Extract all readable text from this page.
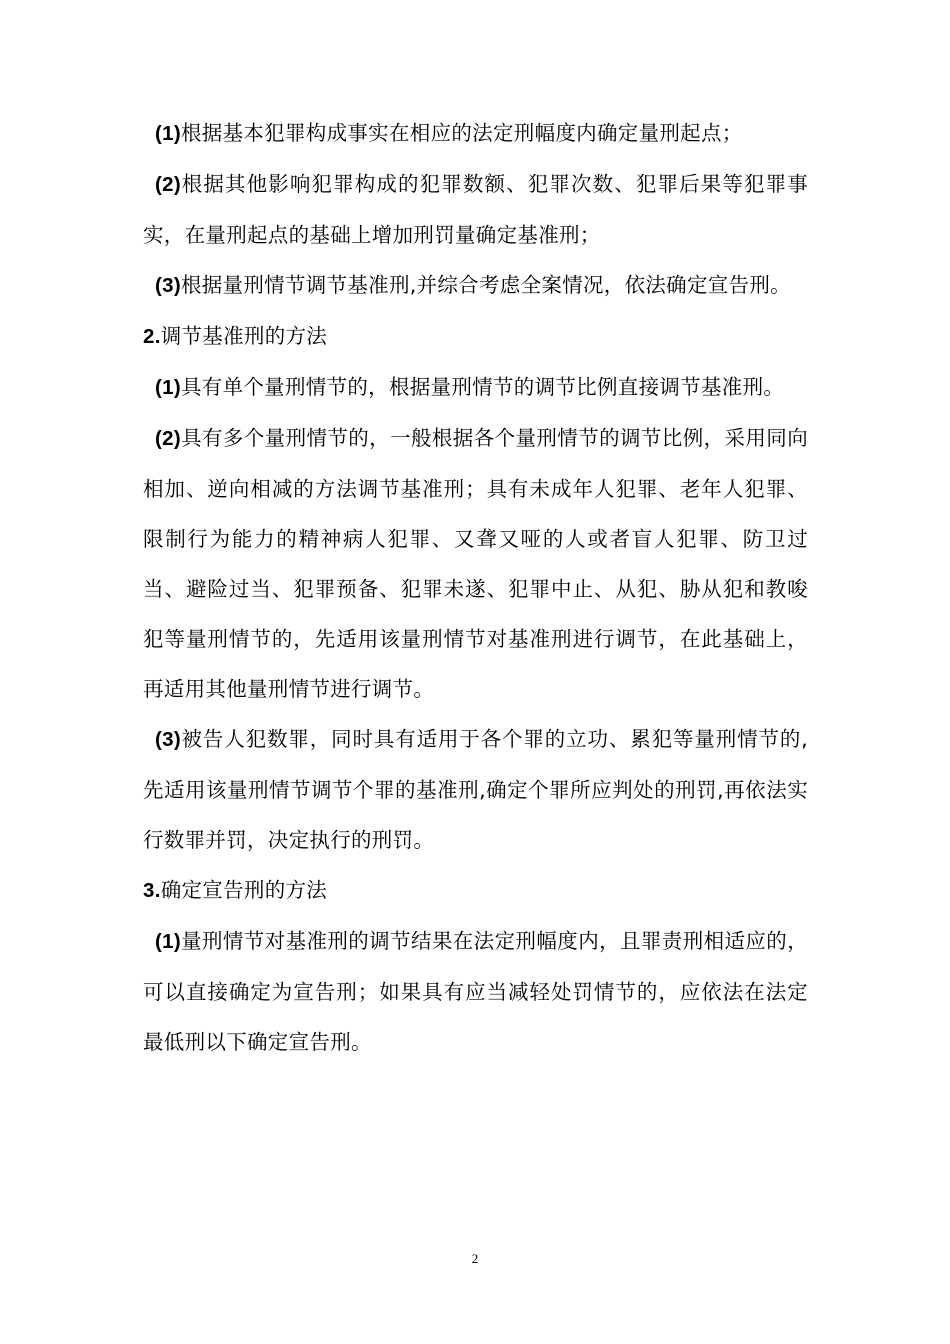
(1)根据基本犯罪构成事实在相应的法定刑幅度内确定量刑起点；

(2)根据其他影响犯罪构成的犯罪数额、犯罪次数、犯罪后果等犯罪事实，在量刑起点的基础上增加刑罚量确定基准刑；

(3)根据量刑情节调节基准刑,并综合考虑全案情况，依法确定宣告刑。

2.调节基准刑的方法

(1)具有单个量刑情节的，根据量刑情节的调节比例直接调节基准刑。

(2)具有多个量刑情节的，一般根据各个量刑情节的调节比例，采用同向相加、逆向相减的方法调节基准刑；具有未成年人犯罪、老年人犯罪、限制行为能力的精神病人犯罪、又聋又哑的人或者盲人犯罪、防卫过当、避险过当、犯罪预备、犯罪未遂、犯罪中止、从犯、胁从犯和教唆犯等量刑情节的，先适用该量刑情节对基准刑进行调节，在此基础上，再适用其他量刑情节进行调节。

(3)被告人犯数罪，同时具有适用于各个罪的立功、累犯等量刑情节的,先适用该量刑情节调节个罪的基准刑,确定个罪所应判处的刑罚,再依法实行数罪并罚，决定执行的刑罚。

3.确定宣告刑的方法

(1)量刑情节对基准刑的调节结果在法定刑幅度内，且罪责刑相适应的，可以直接确定为宣告刑；如果具有应当减轻处罚情节的，应依法在法定最低刑以下确定宣告刑。

2
